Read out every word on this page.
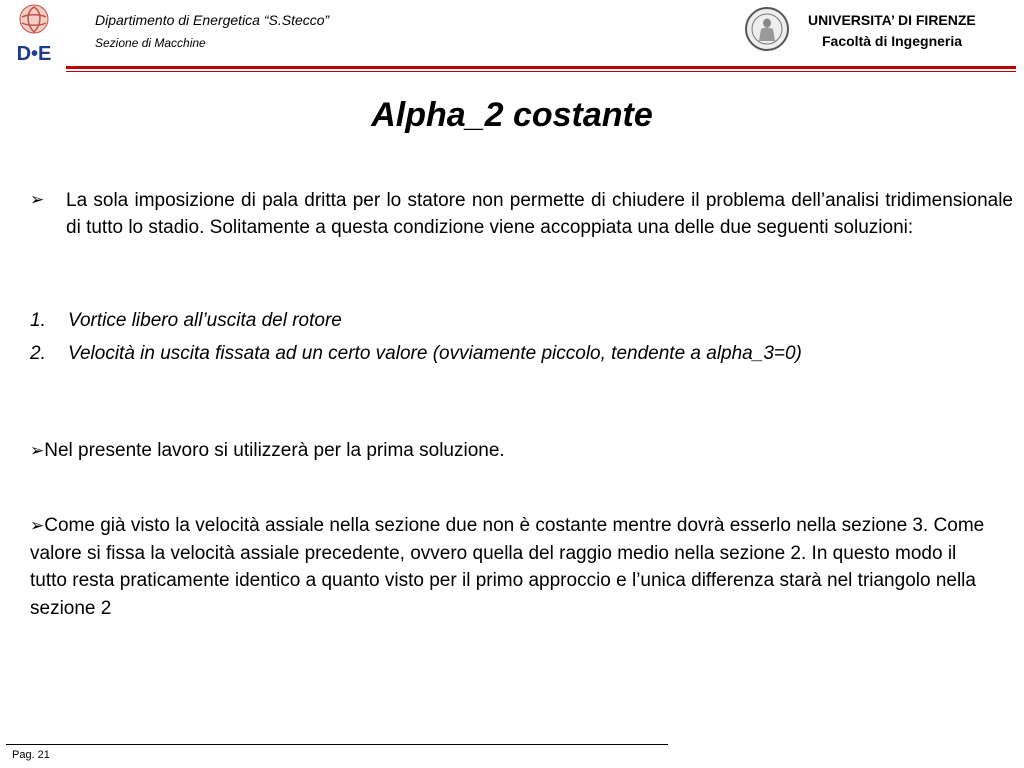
D•E
Dipartimento di Energetica “S.Stecco”
Sezione di Macchine
UNIVERSITA’ DI FIRENZE
Facoltà di Ingegneria
Alpha_2 costante
➢ La sola imposizione di pala dritta per lo statore non permette di chiudere il problema dell’analisi tridimensionale di tutto lo stadio. Solitamente a questa condizione viene accoppiata una delle due seguenti soluzioni:
1. Vortice libero all’uscita del rotore
2. Velocità in uscita fissata ad un certo valore (ovviamente piccolo, tendente a alpha_3=0)
➢Nel presente lavoro si utilizzerà per la prima soluzione.
➢Come già visto la velocità assiale nella sezione due non è costante mentre dovrà esserlo nella sezione 3. Come valore si fissa la velocità assiale precedente, ovvero quella del raggio medio nella sezione 2. In questo modo il tutto resta praticamente identico a quanto visto per il primo approccio e l’unica differenza starà nel triangolo nella sezione 2
Pag. 21
